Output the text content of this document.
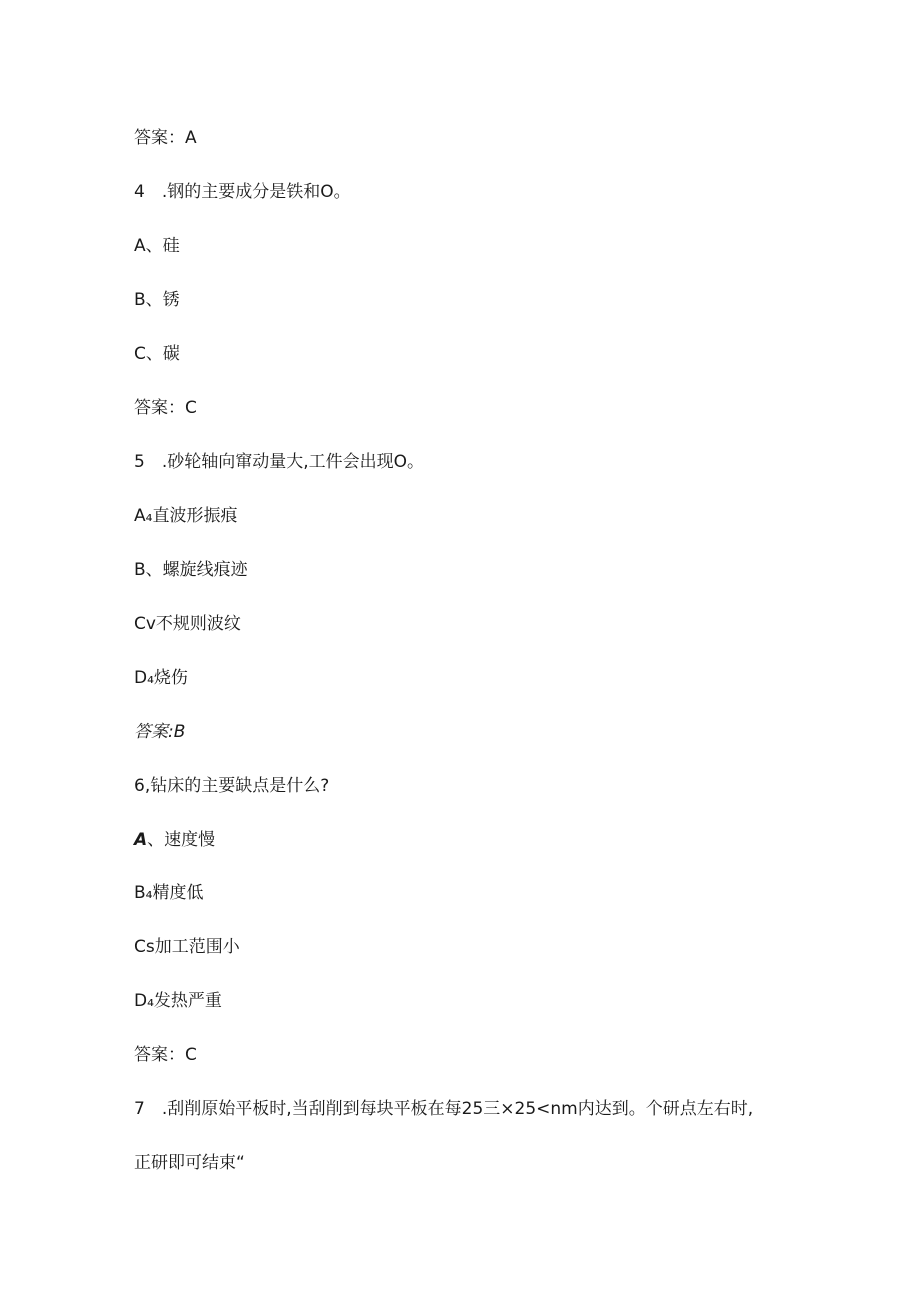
答案：A
4　.钢的主要成分是铁和O。
A、硅
B、锈
C、碳
答案：C
5　.砂轮轴向窜动量大,工件会出现O。
A₄直波形振痕
B、螺旋线痕迹
Cv不规则波纹
D₄烧伤
答案:B
6,钻床的主要缺点是什么?
A、速度慢
B₄精度低
Cs加工范围小
D₄发热严重
答案：C
7　.刮削原始平板时,当刮削到每块平板在每25三×25<nm内达到。个研点左右时,
正研即可结束“
